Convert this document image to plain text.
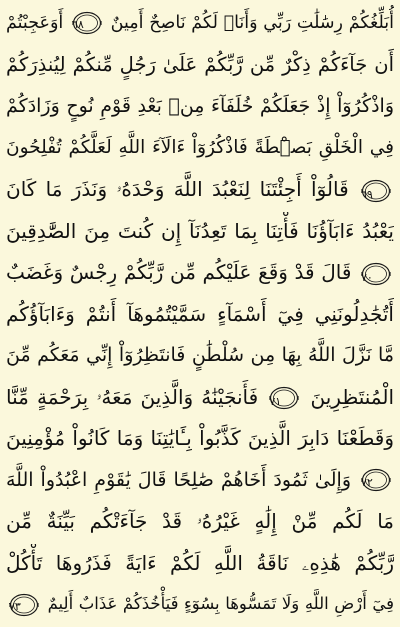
أُبَلِّغُكُمْ رِسَٰلَٰتِ رَبِّي وَأَنَا۠ لَكُمْ نَاصِحٌ أَمِينٌ
٦٨ أَوَعَجِبْتُمْ
أَن جَآءَكُمْ ذِكْرٌ مِّن رَّبِّكُمْ عَلَىٰ رَجُلٍ مِّنكُمْ لِيُنذِرَكُمْ
وَاذْكُرُوٓاْ إِذْ جَعَلَكُمْ خُلَفَآءَ مِنۢ بَعْدِ قَوْمِ نُوحٍ وَزَادَكُمْ
فِي الْخَلْقِ بَصْۜطَةً فَاذْكُرُوٓاْ ءَالَآءَ اللَّهِ لَعَلَّكُمْ تُفْلِحُونَ
٦٩ قَالُوٓاْ أَجِئْتَنَا لِنَعْبُدَ اللَّهَ وَحْدَهُۥ وَنَذَرَ مَا كَانَ
يَعْبُدُ ءَابَآؤُنَا فَأْتِنَا بِمَا تَعِدُنَآ إِن كُنتَ مِنَ الصَّٰدِقِينَ
٧٠ قَالَ قَدْ وَقَعَ عَلَيْكُم مِّن رَّبِّكُمْ رِجْسٌ وَغَضَبٌ
أَتُجَٰدِلُونَنِي فِيٓ أَسْمَآءٍ سَمَّيْتُمُوهَآ أَنتُمْ وَءَابَآؤُكُم
مَّا نَزَّلَ اللَّهُ بِهَا مِن سُلْطَٰنٍ فَانتَظِرُوٓاْ إِنِّي مَعَكُم مِّنَ
الْمُنتَظِرِينَ
٧١ فَأَنجَيْنَٰهُ وَالَّذِينَ مَعَهُۥ بِرَحْمَةٍ مِّنَّا
وَقَطَعْنَا دَابِرَ الَّذِينَ كَذَّبُواْ بِـَٔايَٰتِنَا وَمَا كَانُواْ مُؤْمِنِينَ
٧٢ وَإِلَىٰ ثَمُودَ أَخَاهُمْ صَٰلِحًا قَالَ يَٰقَوْمِ اعْبُدُواْ اللَّهَ
مَا لَكُم مِّنْ إِلَٰهٍ غَيْرُهُۥ قَدْ جَآءَتْكُم بَيِّنَةٌ مِّن
رَّبِّكُمْ هَٰذِهِۦ نَاقَةُ اللَّهِ لَكُمْ ءَايَةً فَذَرُوهَا تَأْكُلْ
فِيٓ أَرْضِ اللَّهِ وَلَا تَمَسُّوهَا بِسُوٓءٍ فَيَأْخُذَكُمْ عَذَابٌ أَلِيمٌ
٧٣
